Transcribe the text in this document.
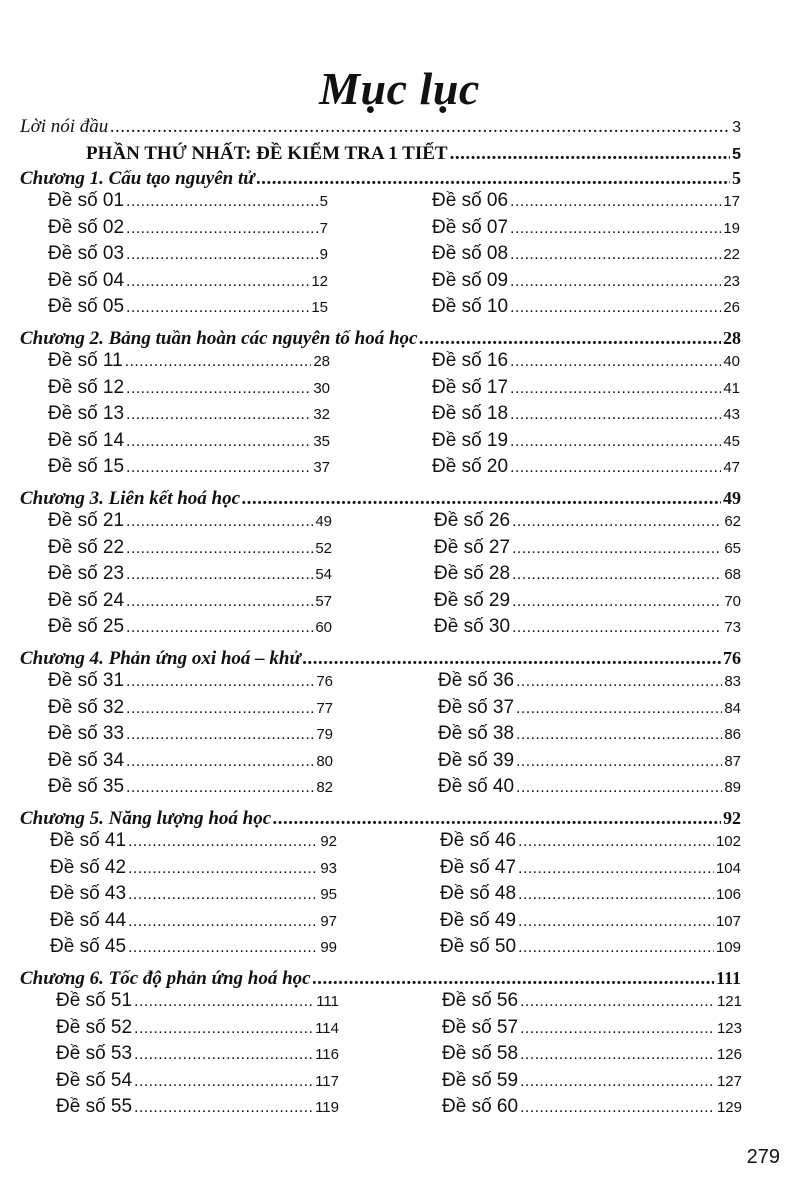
Mục lục
Lời nói đầu .....	3
PHẦN THỨ NHẤT: ĐỀ KIỂM TRA 1 TIẾT .....	5
Chương 1. Cấu tạo nguyên tử .....	5
Đề số 01 .....	5
Đề số 02 .....	7
Đề số 03 .....	9
Đề số 04 .....	12
Đề số 05 .....	15
Đề số 06 .....	17
Đề số 07 .....	19
Đề số 08 .....	22
Đề số 09 .....	23
Đề số 10 .....	26
Chương 2. Bảng tuần hoàn các nguyên tố hoá học .....	28
Đề số 11 .....	28
Đề số 12 .....	30
Đề số 13 .....	32
Đề số 14 .....	35
Đề số 15 .....	37
Đề số 16 .....	40
Đề số 17 .....	41
Đề số 18 .....	43
Đề số 19 .....	45
Đề số 20 .....	47
Chương 3. Liên kết hoá học .....	49
Đề số 21 .....	49
Đề số 22 .....	52
Đề số 23 .....	54
Đề số 24 .....	57
Đề số 25 .....	60
Đề số 26 .....	62
Đề số 27 .....	65
Đề số 28 .....	68
Đề số 29 .....	70
Đề số 30 .....	73
Chương 4. Phản ứng oxi hoá – khử .....	76
Đề số 31 .....	76
Đề số 32 .....	77
Đề số 33 .....	79
Đề số 34 .....	80
Đề số 35 .....	82
Đề số 36 .....	83
Đề số 37 .....	84
Đề số 38 .....	86
Đề số 39 .....	87
Đề số 40 .....	89
Chương 5. Năng lượng hoá học .....	92
Đề số 41 .....	92
Đề số 42 .....	93
Đề số 43 .....	95
Đề số 44 .....	97
Đề số 45 .....	99
Đề số 46 .....	102
Đề số 47 .....	104
Đề số 48 .....	106
Đề số 49 .....	107
Đề số 50 .....	109
Chương 6. Tốc độ phản ứng hoá học .....	111
Đề số 51 .....	111
Đề số 52 .....	114
Đề số 53 .....	116
Đề số 54 .....	117
Đề số 55 .....	119
Đề số 56 .....	121
Đề số 57 .....	123
Đề số 58 .....	126
Đề số 59 .....	127
Đề số 60 .....	129
279
